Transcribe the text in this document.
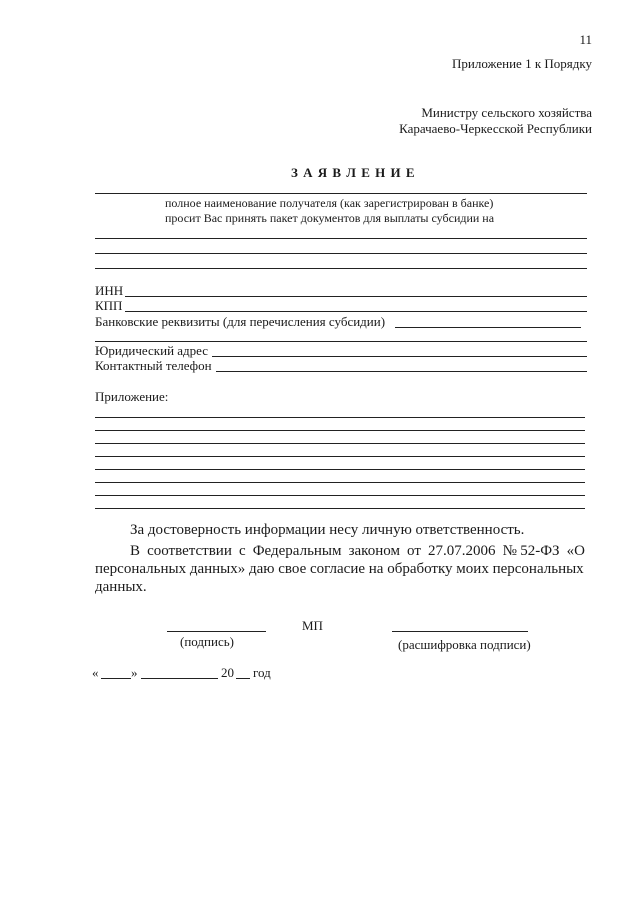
11
Приложение 1 к Порядку
Министру сельского хозяйства
Карачаево-Черкесской Республики
З А Я В Л Е Н И Е
полное наименование получателя (как зарегистрирован в банке)
просит Вас принять пакет документов для выплаты субсидии на
ИНН
КПП
Банковские реквизиты (для перечисления субсидии)
Юридический адрес
Контактный телефон
Приложение:
За достоверность информации несу личную ответственность.
В соответствии с Федеральным законом от 27.07.2006 №52-ФЗ «О
персональных данных» даю свое согласие на обработку моих персональных
данных.
МП
(подпись)	(расшифровка подписи)
«	»	20 год
